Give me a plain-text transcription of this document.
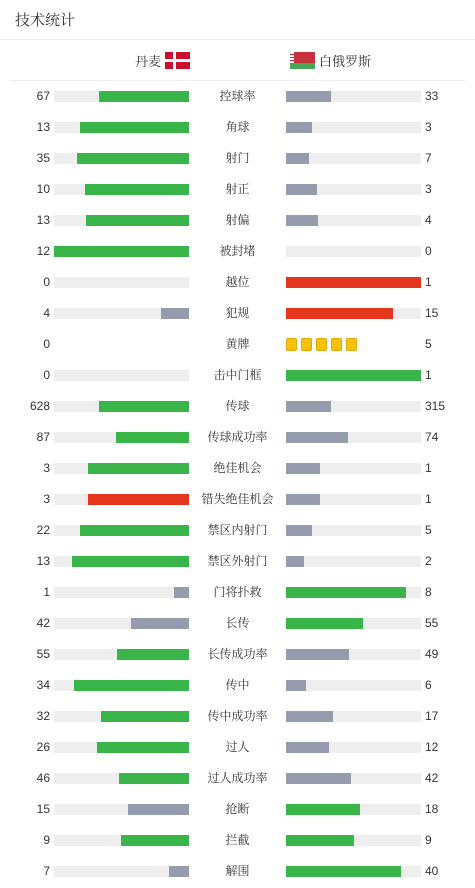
技术统计
丹麦	白俄罗斯
67	控球率	33
13	角球	3
35	射门	7
10	射正	3
13	射偏	4
12	被封堵	0
0	越位	1
4	犯规	15
0	黄牌	5
0	击中门框	1
628	传球	315
87	传球成功率	74
3	绝佳机会	1
3	错失绝佳机会	1
22	禁区内射门	5
13	禁区外射门	2
1	门将扑救	8
42	长传	55
55	长传成功率	49
34	传中	6
32	传中成功率	17
26	过人	12
46	过人成功率	42
15	抢断	18
9	拦截	9
7	解围	40
